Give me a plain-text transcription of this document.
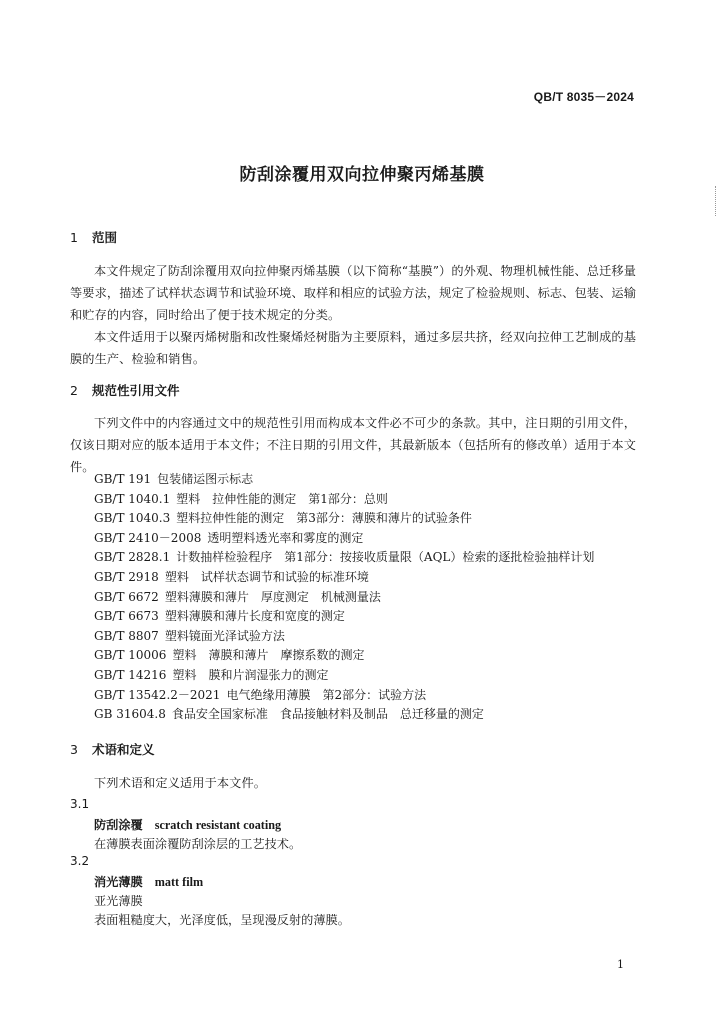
QB/T 8035－2024
防刮涂覆用双向拉伸聚丙烯基膜
1 范围
本文件规定了防刮涂覆用双向拉伸聚丙烯基膜（以下简称“基膜”）的外观、物理机械性能、总迁移量等要求，描述了试样状态调节和试验环境、取样和相应的试验方法，规定了检验规则、标志、包装、运输和贮存的内容，同时给出了便于技术规定的分类。
本文件适用于以聚丙烯树脂和改性聚烯烃树脂为主要原料，通过多层共挤，经双向拉伸工艺制成的基膜的生产、检验和销售。
2 规范性引用文件
下列文件中的内容通过文中的规范性引用而构成本文件必不可少的条款。其中，注日期的引用文件，仅该日期对应的版本适用于本文件；不注日期的引用文件，其最新版本（包括所有的修改单）适用于本文件。
GB/T 191 包装储运图示标志
GB/T 1040.1 塑料　拉伸性能的测定　第1部分：总则
GB/T 1040.3 塑料拉伸性能的测定　第3部分：薄膜和薄片的试验条件
GB/T 2410－2008 透明塑料透光率和雾度的测定
GB/T 2828.1 计数抽样检验程序　第1部分：按接收质量限（AQL）检索的逐批检验抽样计划
GB/T 2918 塑料　试样状态调节和试验的标准环境
GB/T 6672 塑料薄膜和薄片　厚度测定　机械测量法
GB/T 6673 塑料薄膜和薄片长度和宽度的测定
GB/T 8807 塑料镜面光泽试验方法
GB/T 10006 塑料　薄膜和薄片　摩擦系数的测定
GB/T 14216 塑料　膜和片润湿张力的测定
GB/T 13542.2－2021 电气绝缘用薄膜　第2部分：试验方法
GB 31604.8 食品安全国家标准　食品接触材料及制品　总迁移量的测定
3 术语和定义
下列术语和定义适用于本文件。
3.1
防刮涂覆 scratch resistant coating
在薄膜表面涂覆防刮涂层的工艺技术。
3.2
消光薄膜 matt film
亚光薄膜
表面粗糙度大，光泽度低，呈现漫反射的薄膜。
1
